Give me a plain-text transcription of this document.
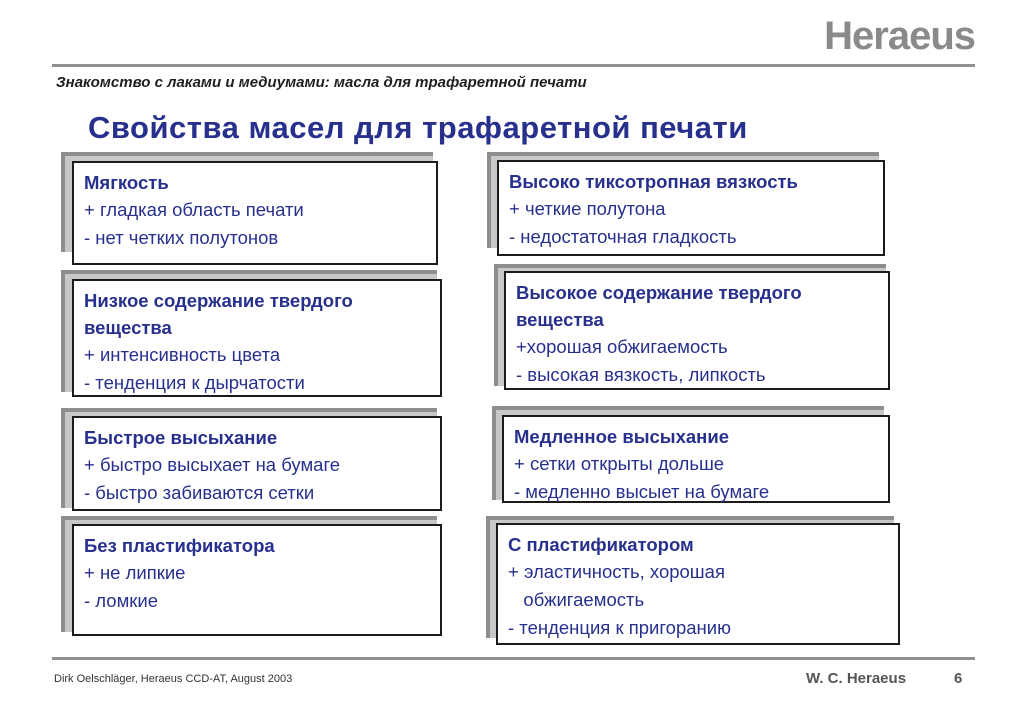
Heraeus
Знакомство с лаками и медиумами: масла для трафаретной печати
Свойства масел для трафаретной печати
Мягкость
+ гладкая область печати
- нет четких полутонов
Высоко тиксотропная вязкость
+ четкие полутона
- недостаточная гладкость
Низкое содержание твердого вещества
+ интенсивность цвета
- тенденция к дырчатости
Высокое содержание твердого вещества
+хорошая обжигаемость
- высокая вязкость, липкость
Быстрое высыхание
+ быстро высыхает на бумаге
- быстро забиваются сетки
Медленное высыхание
+ сетки открыты дольше
- медленно высыет на бумаге
Без пластификатора
+ не липкие
- ломкие
С пластификатором
+ эластичность, хорошая
обжигаемость
- тенденция к пригоранию
Dirk Oelschläger, Heraeus CCD-AT, August 2003	W. C. Heraeus	6
